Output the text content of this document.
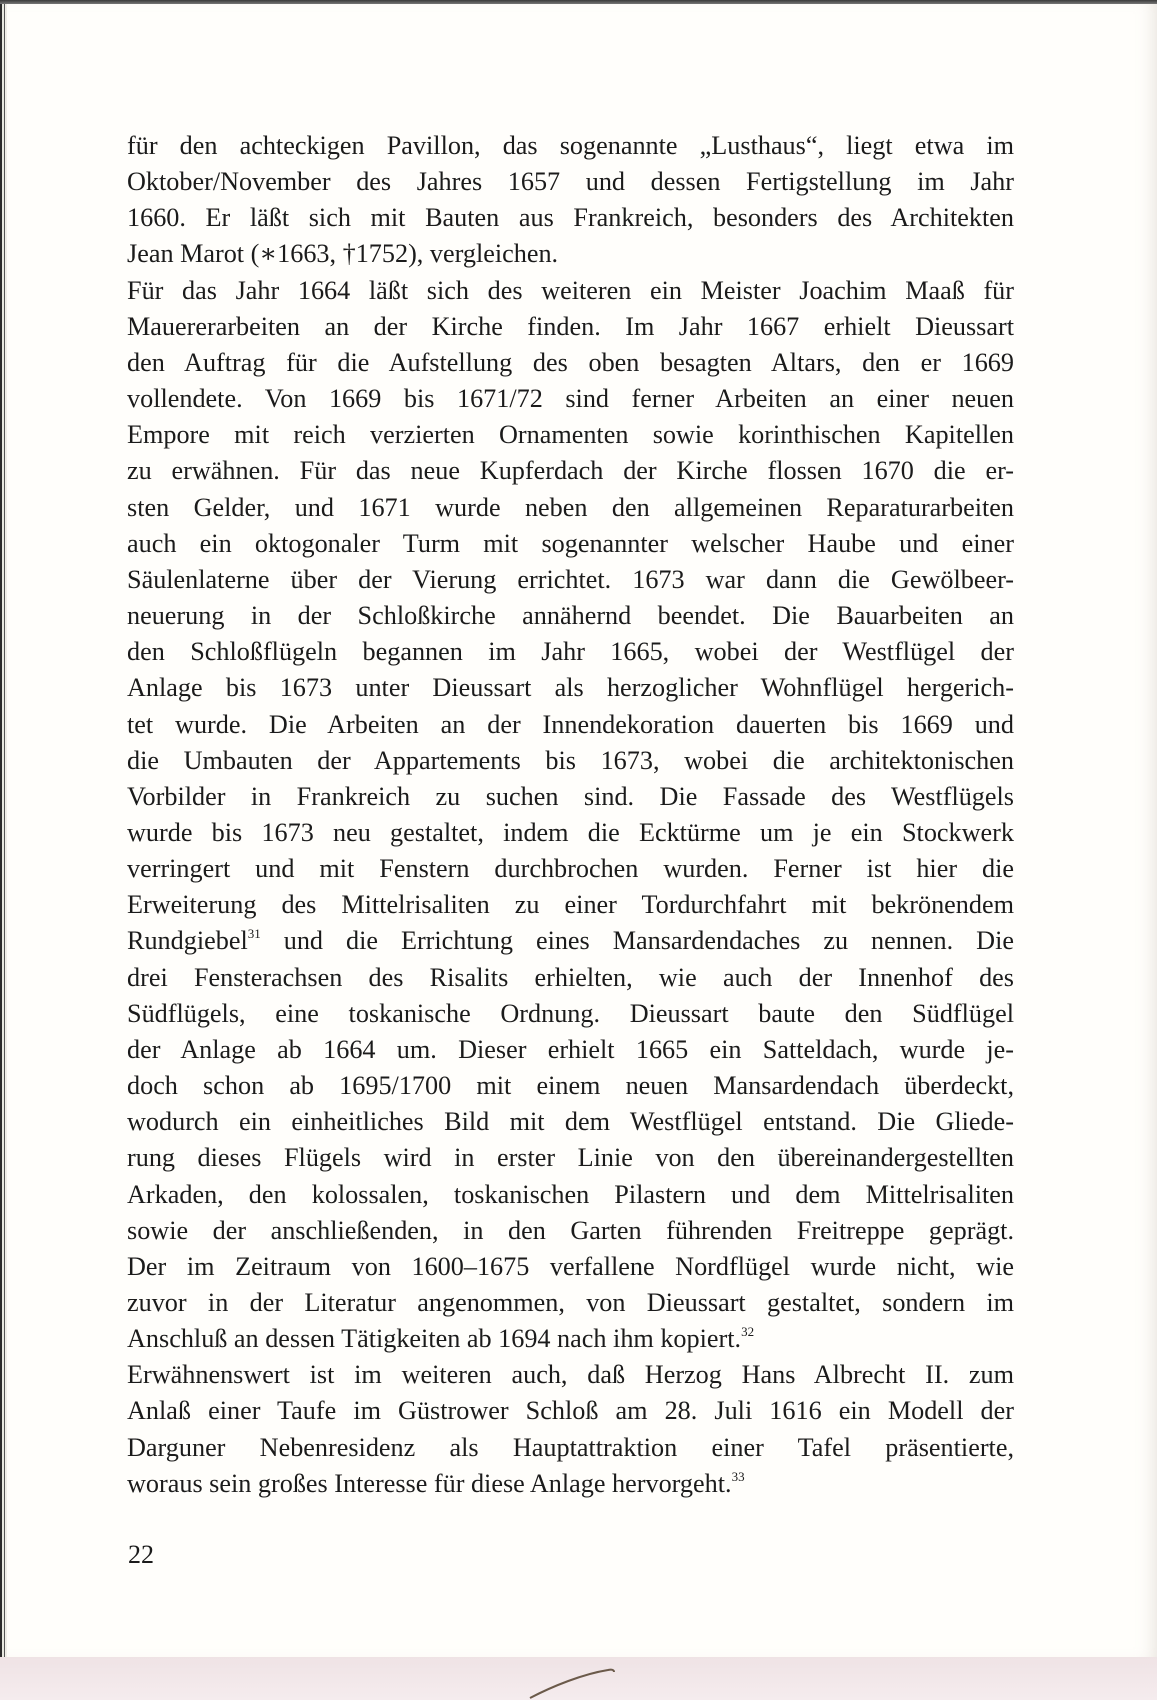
für den achteckigen Pavillon, das sogenannte „Lusthaus“, liegt etwa im
Oktober/November des Jahres 1657 und dessen Fertigstellung im Jahr
1660. Er läßt sich mit Bauten aus Frankreich, besonders des Architekten
Jean Marot (∗1663, †1752), vergleichen.
Für das Jahr 1664 läßt sich des weiteren ein Meister Joachim Maaß für
Mauererarbeiten an der Kirche finden. Im Jahr 1667 erhielt Dieussart
den Auftrag für die Aufstellung des oben besagten Altars, den er 1669
vollendete. Von 1669 bis 1671/72 sind ferner Arbeiten an einer neuen
Empore mit reich verzierten Ornamenten sowie korinthischen Kapitellen
zu erwähnen. Für das neue Kupferdach der Kirche flossen 1670 die er-
sten Gelder, und 1671 wurde neben den allgemeinen Reparaturarbeiten
auch ein oktogonaler Turm mit sogenannter welscher Haube und einer
Säulenlaterne über der Vierung errichtet. 1673 war dann die Gewölbeer-
neuerung in der Schloßkirche annähernd beendet. Die Bauarbeiten an
den Schloßflügeln begannen im Jahr 1665, wobei der Westflügel der
Anlage bis 1673 unter Dieussart als herzoglicher Wohnflügel hergerich-
tet wurde. Die Arbeiten an der Innendekoration dauerten bis 1669 und
die Umbauten der Appartements bis 1673, wobei die architektonischen
Vorbilder in Frankreich zu suchen sind. Die Fassade des Westflügels
wurde bis 1673 neu gestaltet, indem die Ecktürme um je ein Stockwerk
verringert und mit Fenstern durchbrochen wurden. Ferner ist hier die
Erweiterung des Mittelrisaliten zu einer Tordurchfahrt mit bekrönendem
Rundgiebel$^{31}$ und die Errichtung eines Mansardendaches zu nennen. Die
drei Fensterachsen des Risalits erhielten, wie auch der Innenhof des
Südflügels, eine toskanische Ordnung. Dieussart baute den Südflügel
der Anlage ab 1664 um. Dieser erhielt 1665 ein Satteldach, wurde je-
doch schon ab 1695/1700 mit einem neuen Mansardendach überdeckt,
wodurch ein einheitliches Bild mit dem Westflügel entstand. Die Gliede-
rung dieses Flügels wird in erster Linie von den übereinandergestellten
Arkaden, den kolossalen, toskanischen Pilastern und dem Mittelrisaliten
sowie der anschließenden, in den Garten führenden Freitreppe geprägt.
Der im Zeitraum von 1600–1675 verfallene Nordflügel wurde nicht, wie
zuvor in der Literatur angenommen, von Dieussart gestaltet, sondern im
Anschluß an dessen Tätigkeiten ab 1694 nach ihm kopiert.$^{32}$
Erwähnenswert ist im weiteren auch, daß Herzog Hans Albrecht II. zum
Anlaß einer Taufe im Güstrower Schloß am 28. Juli 1616 ein Modell der
Darguner Nebenresidenz als Hauptattraktion einer Tafel präsentierte,
woraus sein großes Interesse für diese Anlage hervorgeht.$^{33}$
22
